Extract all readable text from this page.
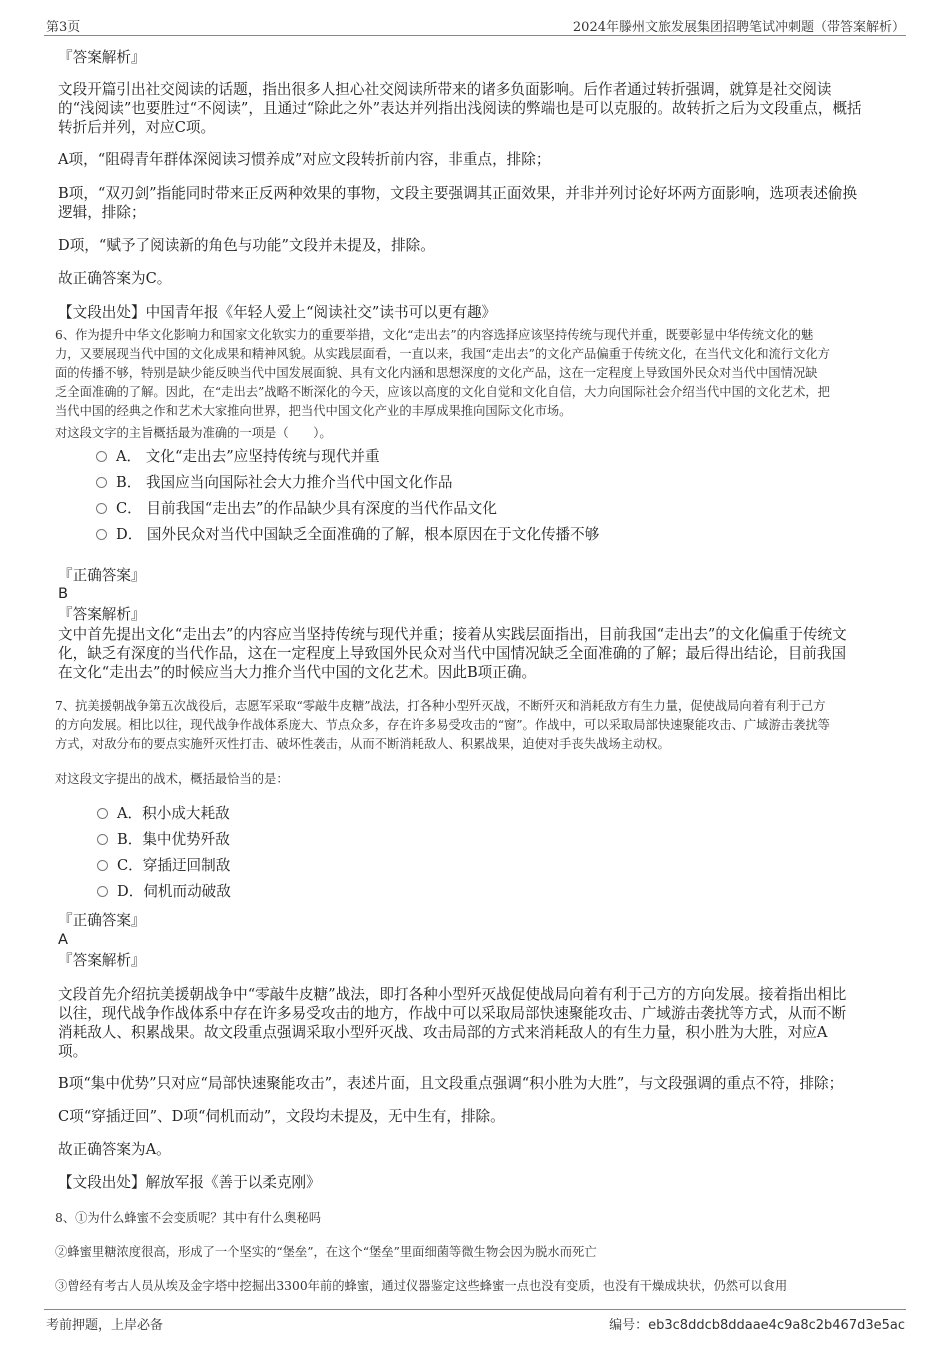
第3页	2024年滕州文旅发展集团招聘笔试冲刺题（带答案解析）
『答案解析』
文段开篇引出社交阅读的话题，指出很多人担心社交阅读所带来的诸多负面影响。后作者通过转折强调，就算是社交阅读
的“浅阅读”也要胜过“不阅读”，且通过“除此之外”表达并列指出浅阅读的弊端也是可以克服的。故转折之后为文段重点，概括
转折后并列，对应C项。
A项，“阻碍青年群体深阅读习惯养成”对应文段转折前内容，非重点，排除；
B项，“双刃剑”指能同时带来正反两种效果的事物，文段主要强调其正面效果，并非并列讨论好坏两方面影响，选项表述偷换
逻辑，排除；
D项，“赋予了阅读新的角色与功能”文段并未提及，排除。
故正确答案为C。
【文段出处】中国青年报《年轻人爱上“阅读社交”读书可以更有趣》
6、作为提升中华文化影响力和国家文化软实力的重要举措，文化“走出去”的内容选择应该坚持传统与现代并重，既要彰显中华传统文化的魅
力，又要展现当代中国的文化成果和精神风貌。从实践层面看，一直以来，我国“走出去”的文化产品偏重于传统文化，在当代文化和流行文化方
面的传播不够，特别是缺少能反映当代中国发展面貌、具有文化内涵和思想深度的文化产品，这在一定程度上导致国外民众对当代中国情况缺
乏全面准确的了解。因此，在“走出去”战略不断深化的今天，应该以高度的文化自觉和文化自信，大力向国际社会介绍当代中国的文化艺术，把
当代中国的经典之作和艺术大家推向世界，把当代中国文化产业的丰厚成果推向国际文化市场。
对这段文字的主旨概括最为准确的一项是（　　）。
A． 文化“走出去”应坚持传统与现代并重
B． 我国应当向国际社会大力推介当代中国文化作品
C． 目前我国“走出去”的作品缺少具有深度的当代作品文化
D． 国外民众对当代中国缺乏全面准确的了解，根本原因在于文化传播不够
『正确答案』
B
『答案解析』
文中首先提出文化“走出去”的内容应当坚持传统与现代并重；接着从实践层面指出，目前我国“走出去”的文化偏重于传统文
化，缺乏有深度的当代作品，这在一定程度上导致国外民众对当代中国情况缺乏全面准确的了解；最后得出结论，目前我国
在文化“走出去”的时候应当大力推介当代中国的文化艺术。因此B项正确。
7、抗美援朝战争第五次战役后，志愿军采取“零敲牛皮糖”战法，打各种小型歼灭战，不断歼灭和消耗敌方有生力量，促使战局向着有利于己方
的方向发展。相比以往，现代战争作战体系庞大、节点众多，存在许多易受攻击的“窗”。作战中，可以采取局部快速聚能攻击、广域游击袭扰等
方式，对敌分布的要点实施歼灭性打击、破坏性袭击，从而不断消耗敌人、积累战果，迫使对手丧失战场主动权。
对这段文字提出的战术，概括最恰当的是：
A．积小成大耗敌
B．集中优势歼敌
C．穿插迂回制敌
D．伺机而动破敌
『正确答案』
A
『答案解析』
文段首先介绍抗美援朝战争中“零敲牛皮糖”战法，即打各种小型歼灭战促使战局向着有利于己方的方向发展。接着指出相比
以往，现代战争作战体系中存在许多易受攻击的地方，作战中可以采取局部快速聚能攻击、广域游击袭扰等方式，从而不断
消耗敌人、积累战果。故文段重点强调采取小型歼灭战、攻击局部的方式来消耗敌人的有生力量，积小胜为大胜，对应A
项。
B项“集中优势”只对应“局部快速聚能攻击”，表述片面，且文段重点强调“积小胜为大胜”，与文段强调的重点不符，排除；
C项“穿插迂回”、D项“伺机而动”，文段均未提及，无中生有，排除。
故正确答案为A。
【文段出处】解放军报《善于以柔克刚》
8、①为什么蜂蜜不会变质呢？其中有什么奥秘吗
②蜂蜜里糖浓度很高，形成了一个坚实的“堡垒”，在这个“堡垒”里面细菌等微生物会因为脱水而死亡
③曾经有考古人员从埃及金字塔中挖掘出3300年前的蜂蜜，通过仪器鉴定这些蜂蜜一点也没有变质，也没有干燥成块状，仍然可以食用
考前押题，上岸必备	编号：eb3c8ddcb8ddaae4c9a8c2b467d3e5ac
